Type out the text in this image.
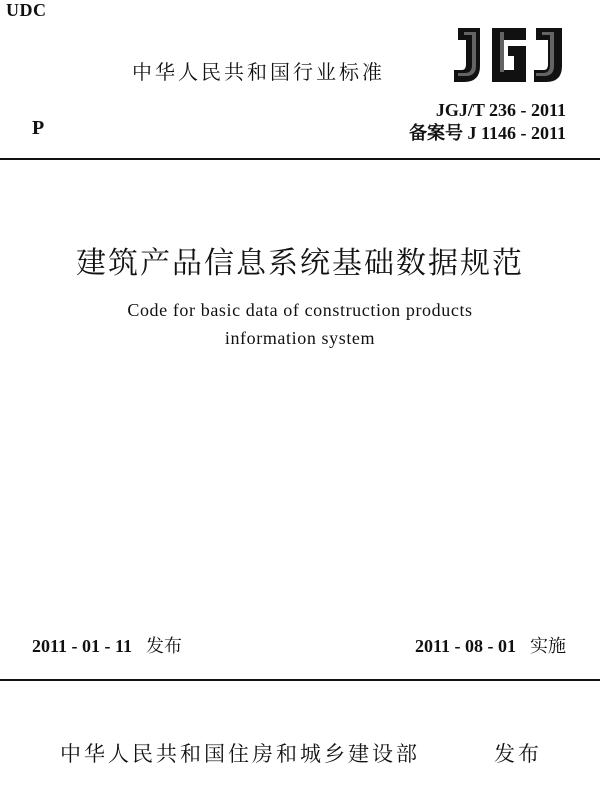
UDC
中华人民共和国行业标准
P
JGJ/T 236 - 2011
备案号 J 1146 - 2011
建筑产品信息系统基础数据规范
Code for basic data of construction products
information system
2011 - 01 - 11 发布	2011 - 08 - 01 实施
中华人民共和国住房和城乡建设部	发布
